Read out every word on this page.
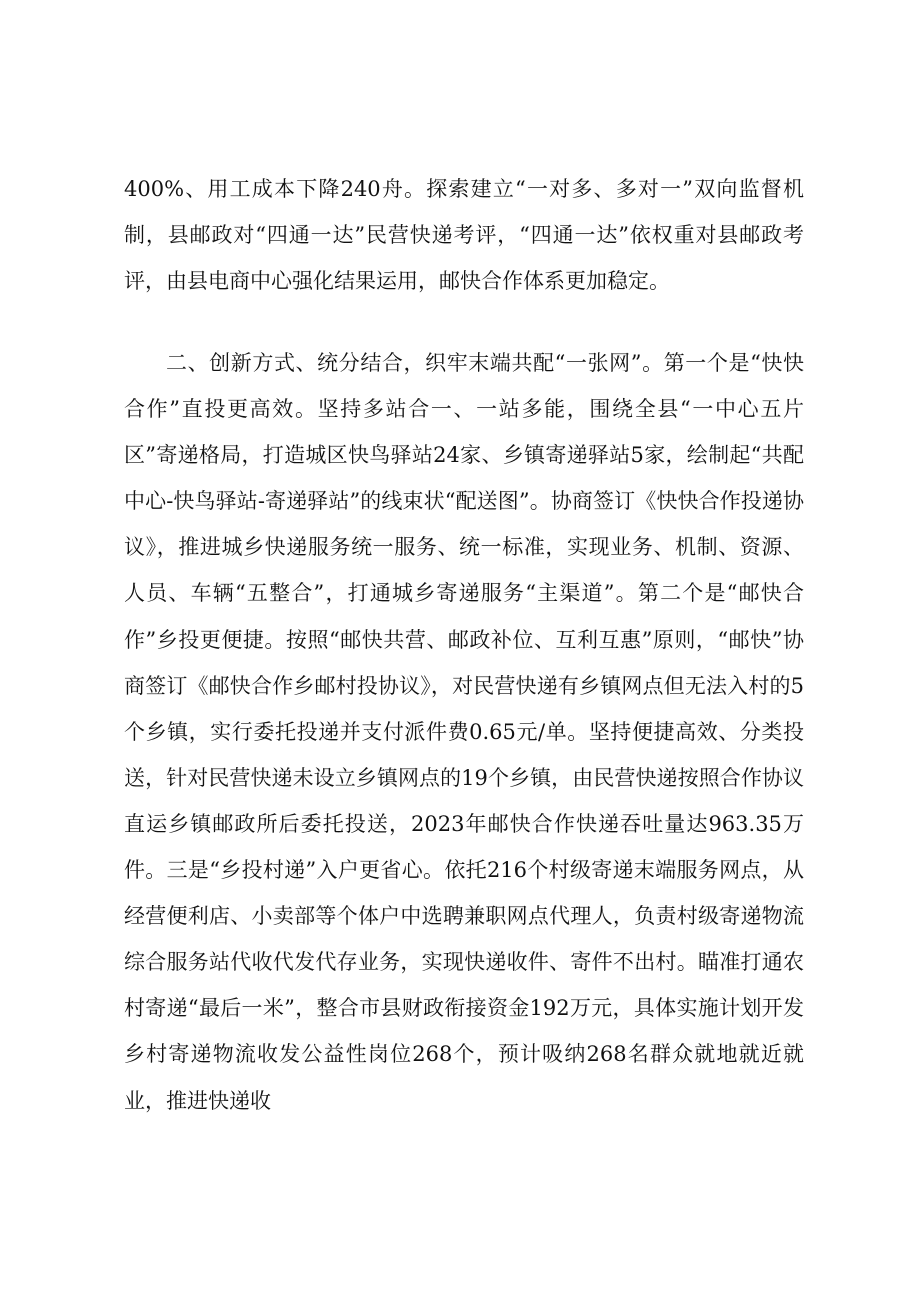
400%、用工成本下降240舟。探索建立“一对多、多对一”双向监督机制，县邮政对“四通一达”民营快递考评，“四通一达”依权重对县邮政考评，由县电商中心强化结果运用，邮快合作体系更加稳定。

二、创新方式、统分结合，织牢末端共配“一张网”。第一个是“快快合作”直投更高效。坚持多站合一、一站多能，围绕全县“一中心五片区”寄递格局，打造城区快鸟驿站24家、乡镇寄递驿站5家，绘制起“共配中心-快鸟驿站-寄递驿站”的线束状“配送图”。协商签订《快快合作投递协议》，推进城乡快递服务统一服务、统一标准，实现业务、机制、资源、人员、车辆“五整合”，打通城乡寄递服务“主渠道”。第二个是“邮快合作”乡投更便捷。按照“邮快共营、邮政补位、互利互惠”原则，“邮快”协商签订《邮快合作乡邮村投协议》，对民营快递有乡镇网点但无法入村的5个乡镇，实行委托投递并支付派件费0.65元/单。坚持便捷高效、分类投送，针对民营快递未设立乡镇网点的19个乡镇，由民营快递按照合作协议直运乡镇邮政所后委托投送，2023年邮快合作快递吞吐量达963.35万件。三是“乡投村递”入户更省心。依托216个村级寄递末端服务网点，从经营便利店、小卖部等个体户中选聘兼职网点代理人，负责村级寄递物流综合服务站代收代发代存业务，实现快递收件、寄件不出村。瞄准打通农村寄递“最后一米”，整合市县财政衔接资金192万元，具体实施计划开发乡村寄递物流收发公益性岗位268个，预计吸纳268名群众就地就近就业，推进快递收
